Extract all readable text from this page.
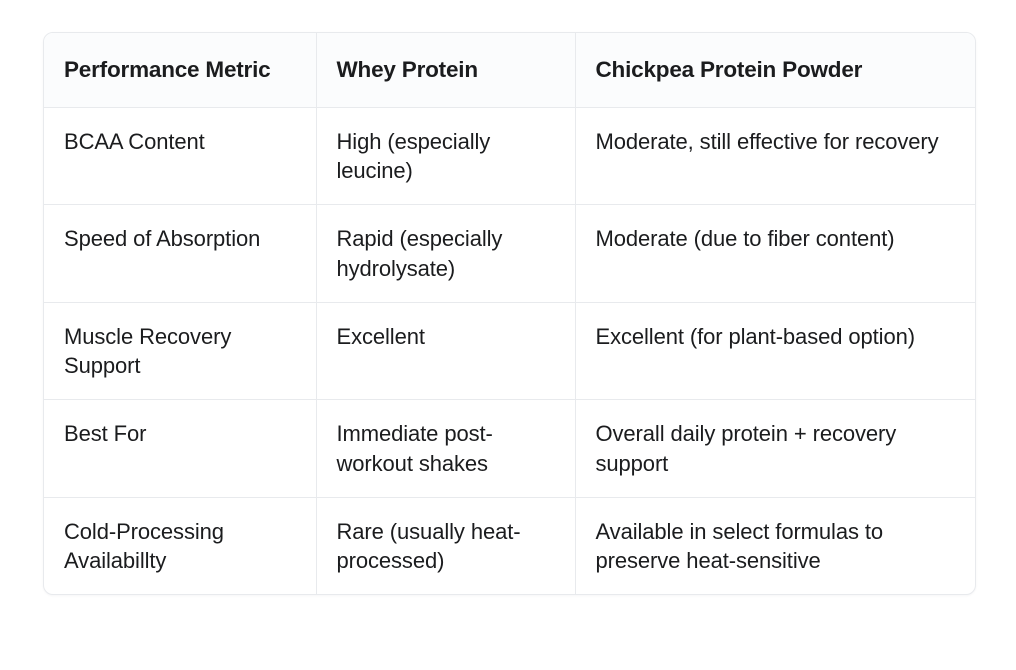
Performance Metric	Whey Protein	Chickpea Protein Powder
BCAA Content	High (especially leucine)	Moderate, still effective for recovery
Speed of Absorption	Rapid (especially hydrolysate)	Moderate (due to fiber content)
Muscle Recovery Support	Excellent	Excellent (for plant-based option)
Best For	Immediate post-workout shakes	Overall daily protein + recovery support
Cold-Processing Availabillty	Rare (usually heat-processed)	Available in select formulas to preserve heat-sensitive
